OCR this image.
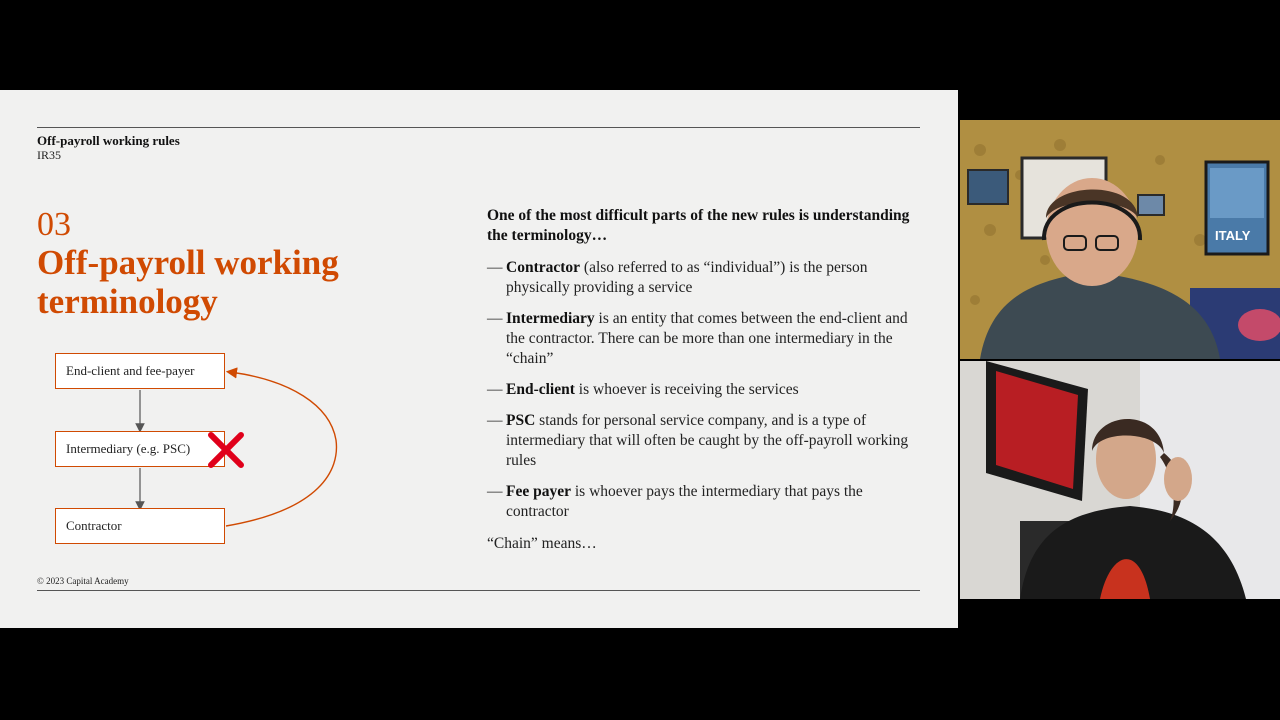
Off-payroll working rules
IR35
03
Off-payroll working terminology
End-client and fee-payer
Intermediary (e.g. PSC)
Contractor
One of the most difficult parts of the new rules is understanding the terminology…
— Contractor (also referred to as “individual”) is the person physically providing a service
— Intermediary is an entity that comes between the end-client and the contractor. There can be more than one intermediary in the “chain”
— End-client is whoever is receiving the services
— PSC stands for personal service company, and is a type of intermediary that will often be caught by the off-payroll working rules
— Fee payer is whoever pays the intermediary that pays the contractor
“Chain” means…
© 2023 Capital Academy
ITALY
